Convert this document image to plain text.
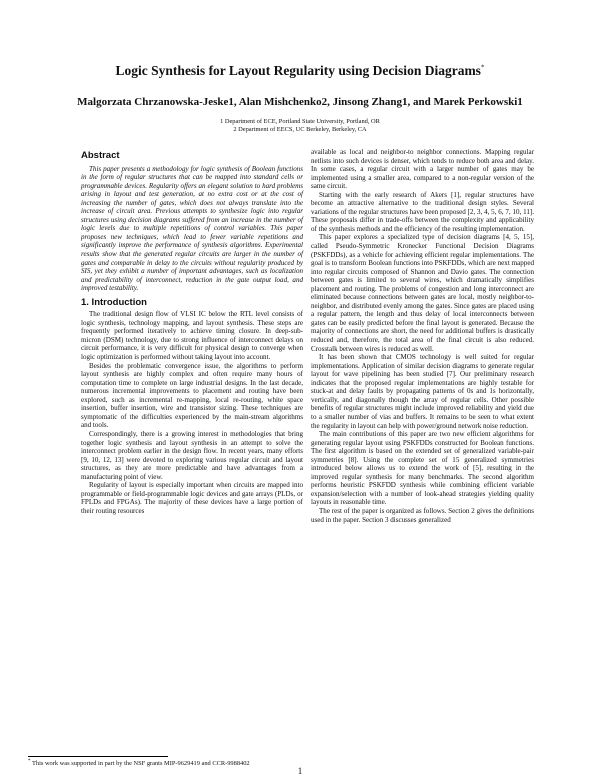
Logic Synthesis for Layout Regularity using Decision Diagrams*
Malgorzata Chrzanowska-Jeske1, Alan Mishchenko2, Jinsong Zhang1, and Marek Perkowski1
1 Department of ECE, Portland State University, Portland, OR
2 Department of EECS, UC Berkeley, Berkeley, CA
Abstract

This paper presents a methodology for logic synthesis of Boolean functions in the form of regular structures that can be mapped into standard cells or programmable devices. Regularity offers an elegant solution to hard problems arising in layout and test generation, at no extra cost or at the cost of increasing the number of gates, which does not always translate into the increase of circuit area. Previous attempts to synthesize logic into regular structures using decision diagrams suffered from an increase in the number of logic levels due to multiple repetitions of control variables. This paper proposes new techniques, which lead to fewer variable repetitions and significantly improve the performance of synthesis algorithms. Experimental results show that the generated regular circuits are larger in the number of gates and comparable in delay to the circuits without regularity produced by SIS, yet they exhibit a number of important advantages, such as localization and predictability of interconnect, reduction in the gate output load, and improved testability.

1. Introduction

The traditional design flow of VLSI IC below the RTL level consists of logic synthesis, technology mapping, and layout synthesis. These steps are frequently performed iteratively to achieve timing closure. In deep-sub-micron (DSM) technology, due to strong influence of interconnect delays on circuit performance, it is very difficult for physical design to converge when logic optimization is performed without taking layout into account.

Besides the problematic convergence issue, the algorithms to perform layout synthesis are highly complex and often require many hours of computation time to complete on large industrial designs. In the last decade, numerous incremental improvements to placement and routing have been explored, such as incremental re-mapping, local re-routing, white space insertion, buffer insertion, wire and transistor sizing. These techniques are symptomatic of the difficulties experienced by the main-stream algorithms and tools.

Correspondingly, there is a growing interest in methodologies that bring together logic synthesis and layout synthesis in an attempt to solve the interconnect problem earlier in the design flow. In recent years, many efforts [9, 10, 12, 13] were devoted to exploring various regular circuit and layout structures, as they are more predictable and have advantages from a manufacturing point of view.

Regularity of layout is especially important when circuits are mapped into programmable or field-programmable logic devices and gate arrays (PLDs, or FPLDs and FPGAs). The majority of these devices have a large portion of their routing resources

available as local and neighbor-to neighbor connections. Mapping regular netlists into such devices is denser, which tends to reduce both area and delay. In some cases, a regular circuit with a larger number of gates may be implemented using a smaller area, compared to a non-regular version of the same circuit.

Starting with the early research of Akers [1], regular structures have become an attractive alternative to the traditional design styles. Several variations of the regular structures have been proposed [2, 3, 4, 5, 6, 7, 10, 11]. These proposals differ in trade-offs between the complexity and applicability of the synthesis methods and the efficiency of the resulting implementation.

This paper explores a specialized type of decision diagrams [4, 5, 15], called Pseudo-Symmetric Kronecker Functional Decision Diagrams (PSKFDDs), as a vehicle for achieving efficient regular implementations. The goal is to transform Boolean functions into PSKFDDs, which are next mapped into regular circuits composed of Shannon and Davio gates. The connection between gates is limited to several wires, which dramatically simplifies placement and routing. The problems of congestion and long interconnect are eliminated because connections between gates are local, mostly neighbor-to-neighbor, and distributed evenly among the gates. Since gates are placed using a regular pattern, the length and thus delay of local interconnects between gates can be easily predicted before the final layout is generated. Because the majority of connections are short, the need for additional buffers is drastically reduced and, therefore, the total area of the final circuit is also reduced. Crosstalk between wires is reduced as well.

It has been shown that CMOS technology is well suited for regular implementations. Application of similar decision diagrams to generate regular layout for wave pipelining has been studied [7]. Our preliminary research indicates that the proposed regular implementations are highly testable for stuck-at and delay faults by propagating patterns of 0s and 1s horizontally, vertically, and diagonally though the array of regular cells. Other possible benefits of regular structures might include improved reliability and yield due to a smaller number of vias and buffers. It remains to be seen to what extent the regularity in layout can help with power/ground network noise reduction.

The main contributions of this paper are two new efficient algorithms for generating regular layout using PSKFDDs constructed for Boolean functions. The first algorithm is based on the extended set of generalized variable-pair symmetries [8]. Using the complete set of 15 generalized symmetries introduced below allows us to extend the work of [5], resulting in the improved regular synthesis for many benchmarks. The second algorithm performs heuristic PSKFDD synthesis while combining efficient variable expansion/selection with a number of look-ahead strategies yielding quality layouts in reasonable time.

The rest of the paper is organized as follows. Section 2 gives the definitions used in the paper. Section 3 discusses generalized

* This work was supported in part by the NSF grants MIP-9629419 and CCR-9988402
1
